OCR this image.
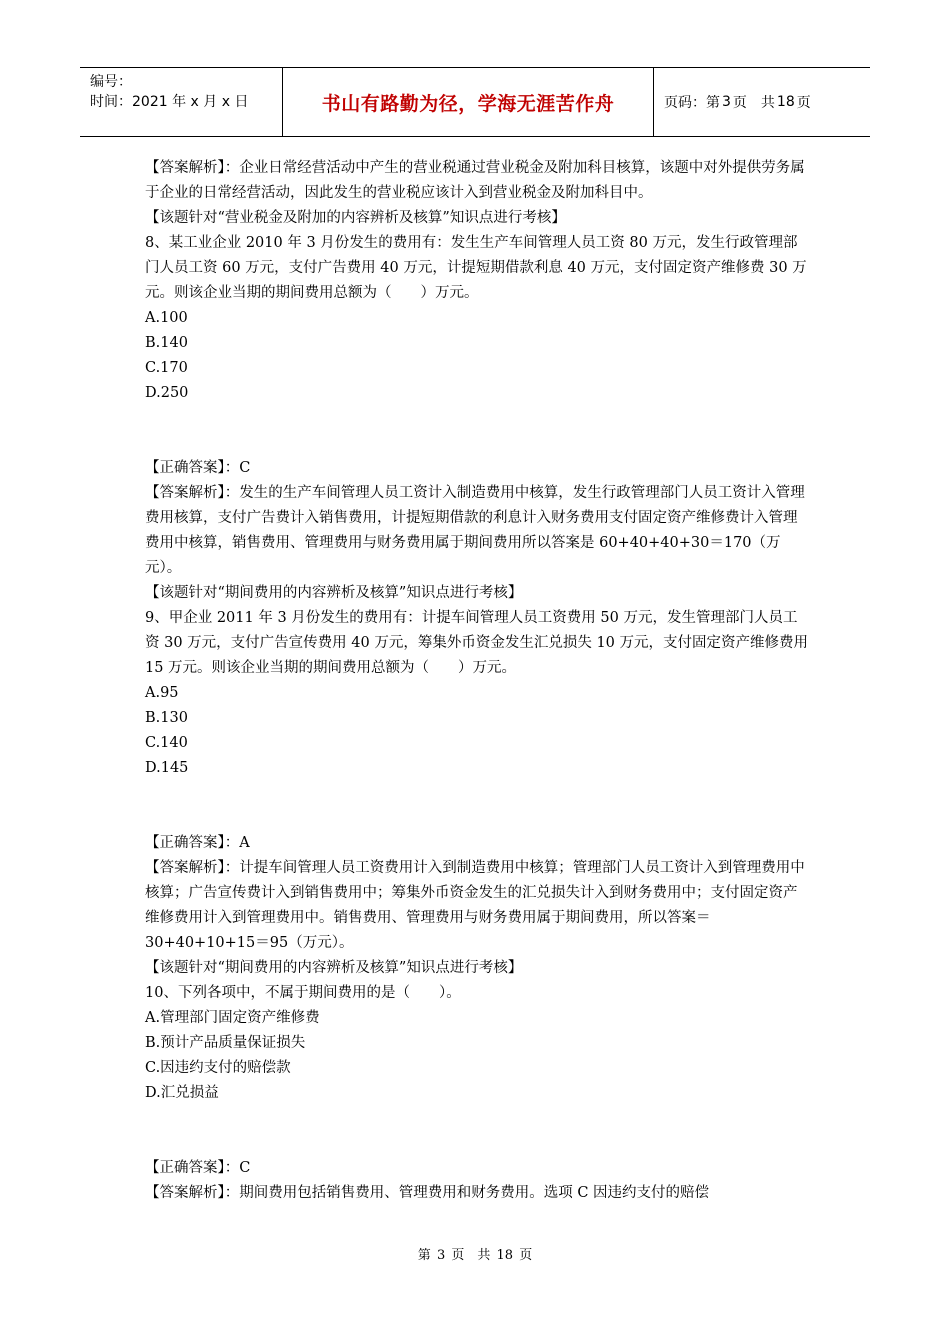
编号：
时间：2021 年 x 月 x 日	书山有路勤为径，学海无涯苦作舟	页码：第 3 页　共 18 页

【答案解析】：企业日常经营活动中产生的营业税通过营业税金及附加科目核算，该题中对外提供劳务属于企业的日常经营活动，因此发生的营业税应该计入到营业税金及附加科目中。

【该题针对“营业税金及附加的内容辨析及核算”知识点进行考核】

8、某工业企业 2010 年 3 月份发生的费用有：发生生产车间管理人员工资 80 万元，发生行政管理部门人员工资 60 万元，支付广告费用 40 万元，计提短期借款利息 40 万元，支付固定资产维修费 30 万元。则该企业当期的期间费用总额为（　　）万元。

A.100

B.140

C.170

D.250

【正确答案】：C

【答案解析】：发生的生产车间管理人员工资计入制造费用中核算，发生行政管理部门人员工资计入管理费用核算，支付广告费计入销售费用，计提短期借款的利息计入财务费用支付固定资产维修费计入管理费用中核算，销售费用、管理费用与财务费用属于期间费用所以答案是 60+40+40+30＝170（万元）。

【该题针对“期间费用的内容辨析及核算”知识点进行考核】

9、甲企业 2011 年 3 月份发生的费用有：计提车间管理人员工资费用 50 万元，发生管理部门人员工资 30 万元，支付广告宣传费用 40 万元，筹集外币资金发生汇兑损失 10 万元，支付固定资产维修费用 15 万元。则该企业当期的期间费用总额为（　　）万元。

A.95

B.130

C.140

D.145

【正确答案】：A

【答案解析】：计提车间管理人员工资费用计入到制造费用中核算；管理部门人员工资计入到管理费用中核算；广告宣传费计入到销售费用中；筹集外币资金发生的汇兑损失计入到财务费用中；支付固定资产维修费用计入到管理费用中。销售费用、管理费用与财务费用属于期间费用，所以答案＝30+40+10+15＝95（万元）。

【该题针对“期间费用的内容辨析及核算”知识点进行考核】

10、下列各项中，不属于期间费用的是（　　）。

A.管理部门固定资产维修费

B.预计产品质量保证损失

C.因违约支付的赔偿款

D.汇兑损益

【正确答案】：C

【答案解析】：期间费用包括销售费用、管理费用和财务费用。选项 C 因违约支付的赔偿

第 3 页　共 18 页
